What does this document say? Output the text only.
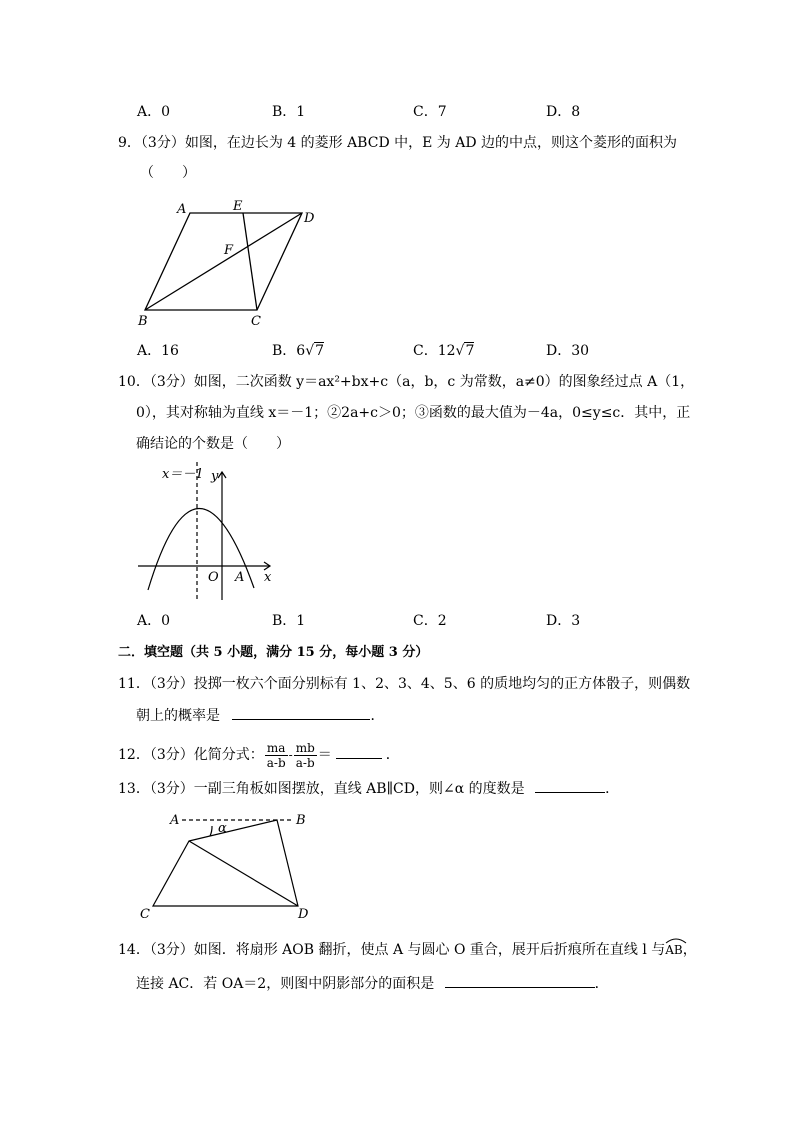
A．0	B．1	C．7	D．8
9．（3分）如图，在边长为 4 的菱形 ABCD 中，E 为 AD 边的中点，则这个菱形的面积为
（　　）
A	E
D
F
B	C
A．16	B．6√7	C．12√7	D．30
10．（3分）如图，二次函数 y＝ax²+bx+c（a，b，c 为常数，a≠0）的图象经过点 A（1，
0），其对称轴为直线 x＝－1；②2a+c＞0；③函数的最大值为－4a，0≤y≤c．其中，正
确结论的个数是（　　）
x＝－1 y
O A x
A．0	B．1	C．2	D．3
二．填空题（共 5 小题，满分 15 分，每小题 3 分）
11．（3分）投掷一枚六个面分别标有 1、2、3、4、5、6 的质地均匀的正方体骰子，则偶数
朝上的概率是	．
12．（3分）化简分式： $\frac{ma}{a-b} - \frac{mb}{a-b}$ ＝	．
13．（3分）一副三角板如图摆放，直线 AB∥CD，则∠α 的度数是	．
A	B
α
C	D
14．（3分）如图．将扇形 AOB 翻折，使点 A 与圆心 O 重合，展开后折痕所在直线 l 与
AB，
连接 AC．若 OA＝2，则图中阴影部分的面积是	．
